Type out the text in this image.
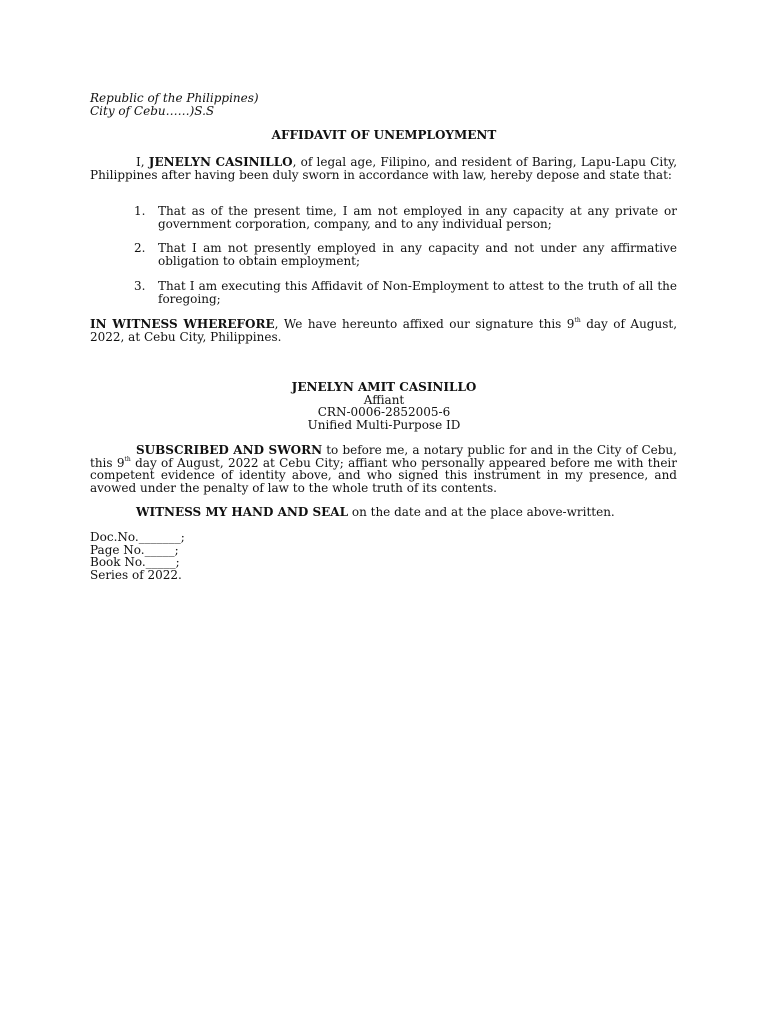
Republic of the Philippines)
City of Cebu……)S.S
AFFIDAVIT OF UNEMPLOYMENT
I, JENELYN CASINILLO, of legal age, Filipino, and resident of Baring, Lapu-Lapu City, Philippines after having been duly sworn in accordance with law, hereby depose and state that:
1. That as of the present time, I am not employed in any capacity at any private or government corporation, company, and to any individual person;
2. That I am not presently employed in any capacity and not under any affirmative obligation to obtain employment;
3. That I am executing this Affidavit of Non-Employment to attest to the truth of all the foregoing;
IN WITNESS WHEREFORE, We have hereunto affixed our signature this 9th day of August, 2022, at Cebu City, Philippines.
JENELYN AMIT CASINILLO
Affiant
CRN-0006-2852005-6
Unified Multi-Purpose ID
SUBSCRIBED AND SWORN to before me, a notary public for and in the City of Cebu, this 9th day of August, 2022 at Cebu City; affiant who personally appeared before me with their competent evidence of identity above, and who signed this instrument in my presence, and avowed under the penalty of law to the whole truth of its contents.
WITNESS MY HAND AND SEAL on the date and at the place above-written.
Doc.No._______;
Page No._____;
Book No._____;
Series of 2022.
